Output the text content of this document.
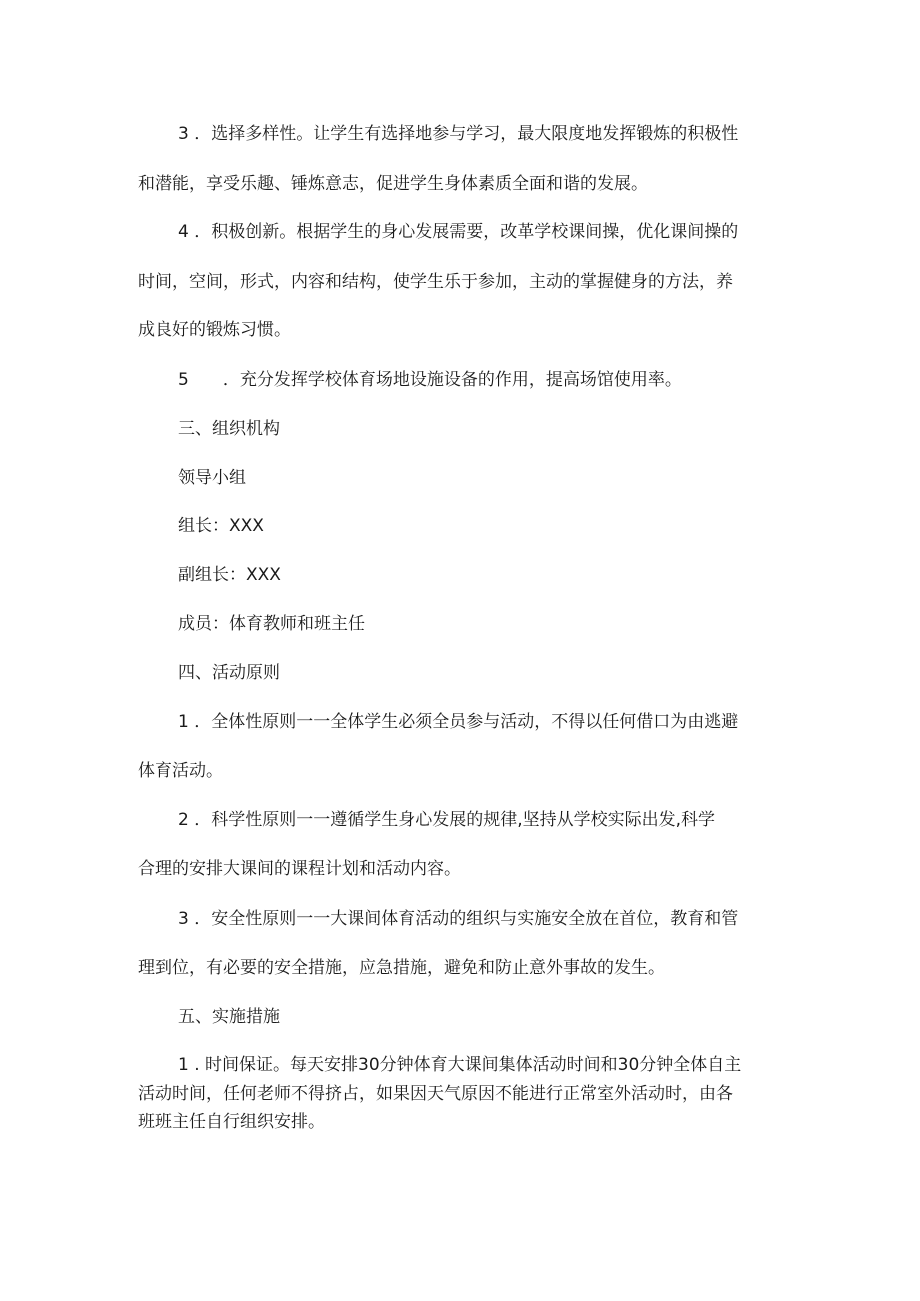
3 ．选择多样性。让学生有选择地参与学习，最大限度地发挥锻炼的积极性
和潜能，享受乐趣、锤炼意志，促进学生身体素质全面和谐的发展。
4 ．积极创新。根据学生的身心发展需要，改革学校课间操，优化课间操的
时间，空间，形式，内容和结构，使学生乐于参加，主动的掌握健身的方法，养
成良好的锻炼习惯。
5　　．充分发挥学校体育场地设施设备的作用，提高场馆使用率。
三、组织机构
领导小组
组长：XXX
副组长：XXX
成员：体育教师和班主任
四、活动原则
1 ．全体性原则一一全体学生必须全员参与活动，不得以任何借口为由逃避
体育活动。
2 ．科学性原则一一遵循学生身心发展的规律,坚持从学校实际出发,科学
合理的安排大课间的课程计划和活动内容。
3 ．安全性原则一一大课间体育活动的组织与实施安全放在首位，教育和管
理到位，有必要的安全措施，应急措施，避免和防止意外事故的发生。
五、实施措施
1 . 时间保证。每天安排30分钟体育大课间集体活动时间和30分钟全体自主
活动时间，任何老师不得挤占，如果因天气原因不能进行正常室外活动时，由各
班班主任自行组织安排。
